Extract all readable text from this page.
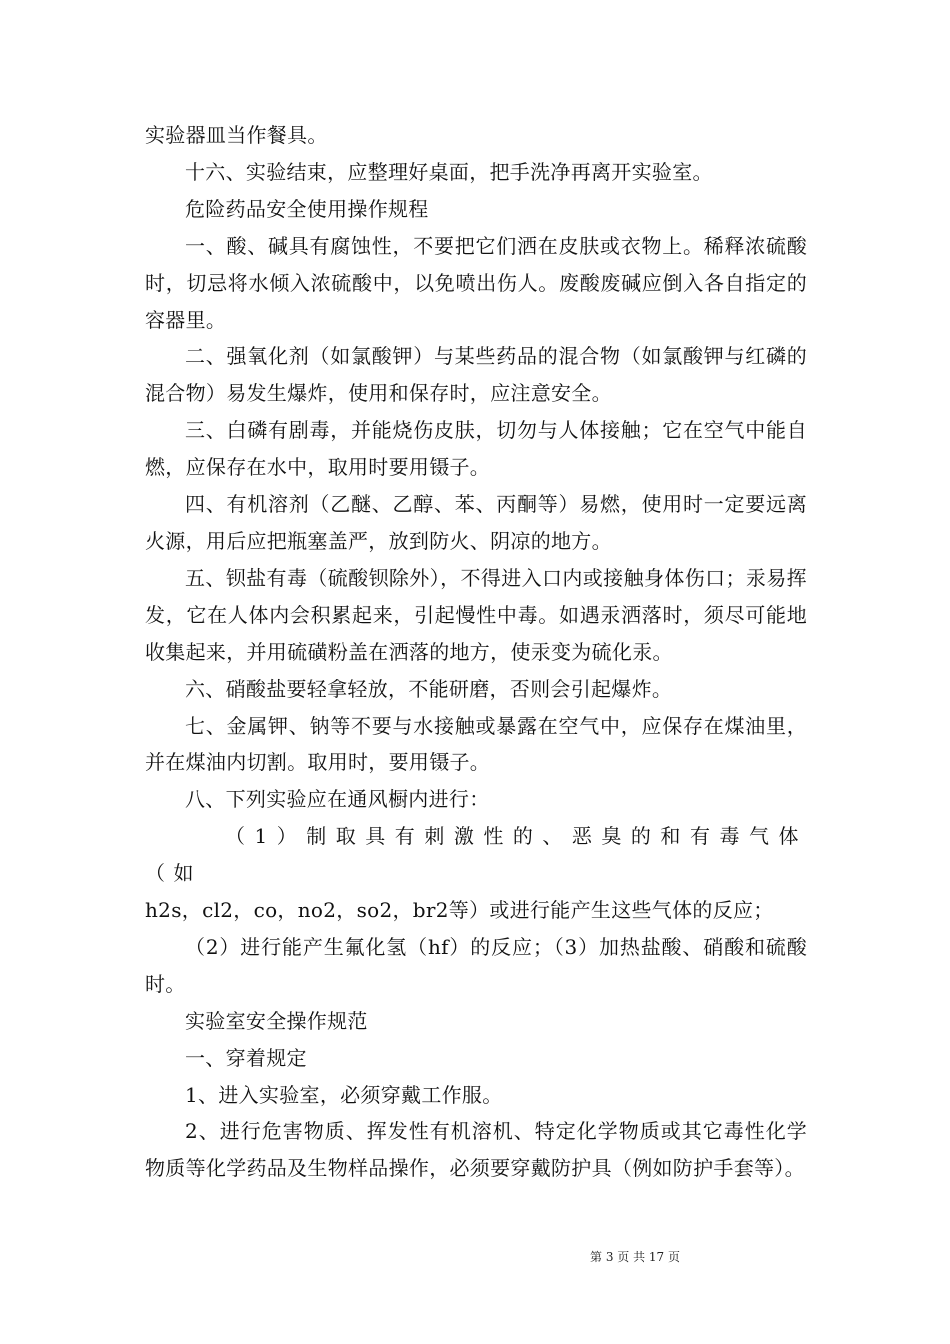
实验器皿当作餐具。

十六、实验结束，应整理好桌面，把手洗净再离开实验室。

危险药品安全使用操作规程

一、酸、碱具有腐蚀性，不要把它们洒在皮肤或衣物上。稀释浓硫酸时，切忌将水倾入浓硫酸中，以免喷出伤人。废酸废碱应倒入各自指定的容器里。

二、强氧化剂（如氯酸钾）与某些药品的混合物（如氯酸钾与红磷的混合物）易发生爆炸，使用和保存时，应注意安全。

三、白磷有剧毒，并能烧伤皮肤，切勿与人体接触；它在空气中能自燃，应保存在水中，取用时要用镊子。

四、有机溶剂（乙醚、乙醇、苯、丙酮等）易燃，使用时一定要远离火源，用后应把瓶塞盖严，放到防火、阴凉的地方。

五、钡盐有毒（硫酸钡除外），不得进入口内或接触身体伤口；汞易挥发，它在人体内会积累起来，引起慢性中毒。如遇汞洒落时，须尽可能地收集起来，并用硫磺粉盖在洒落的地方，使汞变为硫化汞。

六、硝酸盐要轻拿轻放，不能研磨，否则会引起爆炸。

七、金属钾、钠等不要与水接触或暴露在空气中，应保存在煤油里，并在煤油内切割。取用时，要用镊子。

八、下列实验应在通风橱内进行：

（1）制取具有刺激性的、恶臭的和有毒气体（如

h2s，cl2，co，no2，so2，br2等）或进行能产生这些气体的反应；

（2）进行能产生氟化氢（hf）的反应；（3）加热盐酸、硝酸和硫酸时。

实验室安全操作规范

一、穿着规定

1、进入实验室，必须穿戴工作服。

2、进行危害物质、挥发性有机溶机、特定化学物质或其它毒性化学物质等化学药品及生物样品操作，必须要穿戴防护具（例如防护手套等）。

第 3 页 共 17 页
